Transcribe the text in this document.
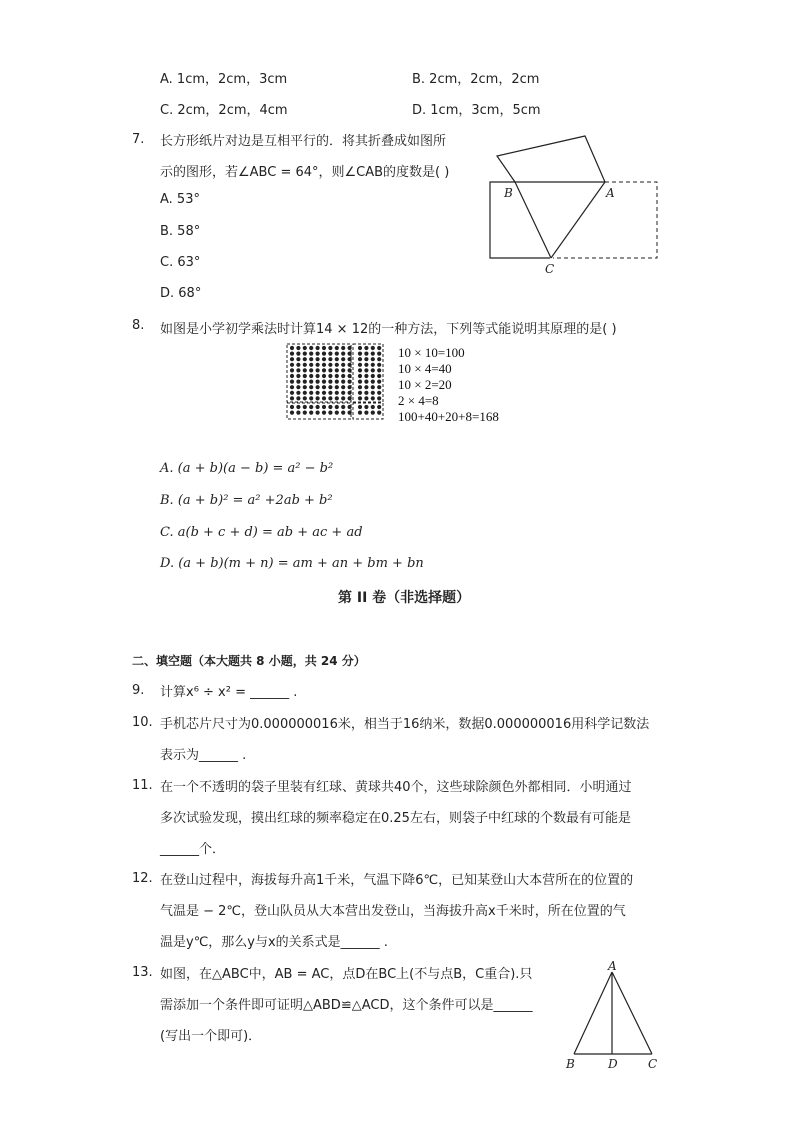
A. 1cm，2cm，3cm	B. 2cm，2cm，2cm
C. 2cm，2cm，4cm	D. 1cm，3cm，5cm
7. 长方形纸片对边是互相平行的．将其折叠成如图所
示的图形，若∠ABC = 64°，则∠CAB的度数是( )
A. 53°
B. 58°
C. 63°
D. 68°
B	A
C
8. 如图是小学初学乘法时计算14 × 12的一种方法，下列等式能说明其原理的是( )
10 × 10=100
10 × 4=40
10 × 2=20
2 × 4=8
100+40+20+8=168
A. (a + b)(a − b) = a² − b²
B. (a + b)² = a² +2ab + b²
C. a(b + c + d) = ab + ac + ad
D. (a + b)(m + n) = am + an + bm + bn
第 II 卷（非选择题）
二、填空题（本大题共 8 小题，共 24 分）
9. 计算x⁶ ÷ x² = ______ .
10. 手机芯片尺寸为0.000000016米，相当于16纳米，数据0.000000016用科学记数法
表示为______ .
11. 在一个不透明的袋子里装有红球、黄球共40个，这些球除颜色外都相同．小明通过
多次试验发现，摸出红球的频率稳定在0.25左右，则袋子中红球的个数最有可能是
______个．
12. 在登山过程中，海拔每升高1千米，气温下降6℃，已知某登山大本营所在的位置的
气温是 − 2℃，登山队员从大本营出发登山，当海拔升高x千米时，所在位置的气
温是y℃，那么y与x的关系式是______ .
13. 如图，在△ABC中，AB = AC，点D在BC上(不与点B，C重合).只
需添加一个条件即可证明△ABD≌△ACD，这个条件可以是______
(写出一个即可)．
A
B	D	C
